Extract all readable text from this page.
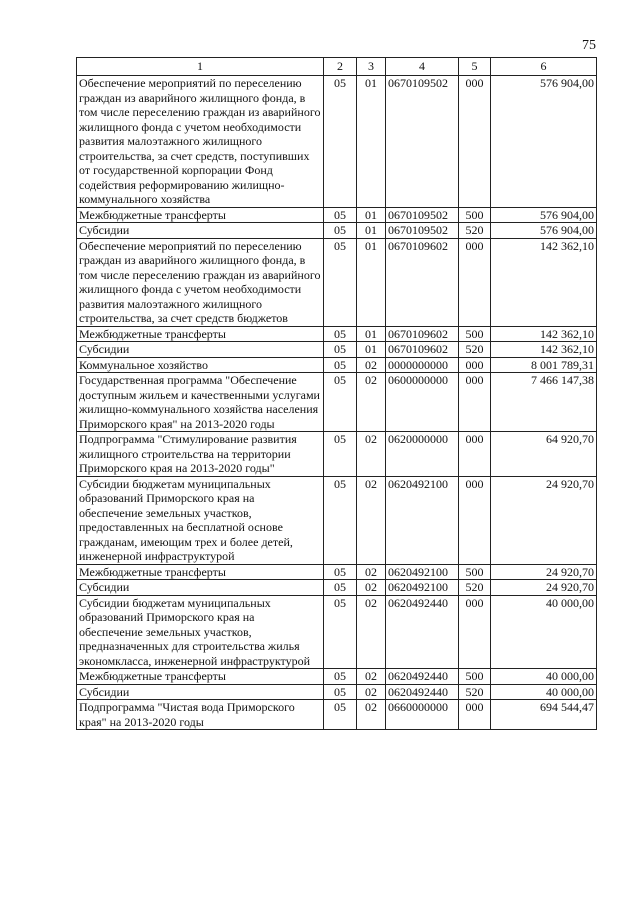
75
1	2	3	4	5	6
Обеспечение мероприятий по переселению граждан из аварийного жилищного фонда, в том числе переселению граждан из аварийного жилищного фонда с учетом необходимости развития малоэтажного жилищного строительства, за счет средств, поступивших от государственной корпорации Фонд содействия реформированию жилищно-коммунального хозяйства	05	01	0670109502	000	576 904,00
Межбюджетные трансферты	05	01	0670109502	500	576 904,00
Субсидии	05	01	0670109502	520	576 904,00
Обеспечение мероприятий по переселению граждан из аварийного жилищного фонда, в том числе переселению граждан из аварийного жилищного фонда с учетом необходимости развития малоэтажного жилищного строительства, за счет средств бюджетов	05	01	0670109602	000	142 362,10
Межбюджетные трансферты	05	01	0670109602	500	142 362,10
Субсидии	05	01	0670109602	520	142 362,10
Коммунальное хозяйство	05	02	0000000000	000	8 001 789,31
Государственная программа "Обеспечение доступным жильем и качественными услугами жилищно-коммунального хозяйства населения Приморского края" на 2013-2020 годы	05	02	0600000000	000	7 466 147,38
Подпрограмма "Стимулирование развития жилищного строительства на территории Приморского края на 2013-2020 годы"	05	02	0620000000	000	64 920,70
Субсидии бюджетам муниципальных образований Приморского края на обеспечение земельных участков, предоставленных на бесплатной основе гражданам, имеющим трех и более детей, инженерной инфраструктурой	05	02	0620492100	000	24 920,70
Межбюджетные трансферты	05	02	0620492100	500	24 920,70
Субсидии	05	02	0620492100	520	24 920,70
Субсидии бюджетам муниципальных образований Приморского края на обеспечение земельных участков, предназначенных для строительства жилья экономкласса, инженерной инфраструктурой	05	02	0620492440	000	40 000,00
Межбюджетные трансферты	05	02	0620492440	500	40 000,00
Субсидии	05	02	0620492440	520	40 000,00
Подпрограмма "Чистая вода Приморского края" на 2013-2020 годы	05	02	0660000000	000	694 544,47
